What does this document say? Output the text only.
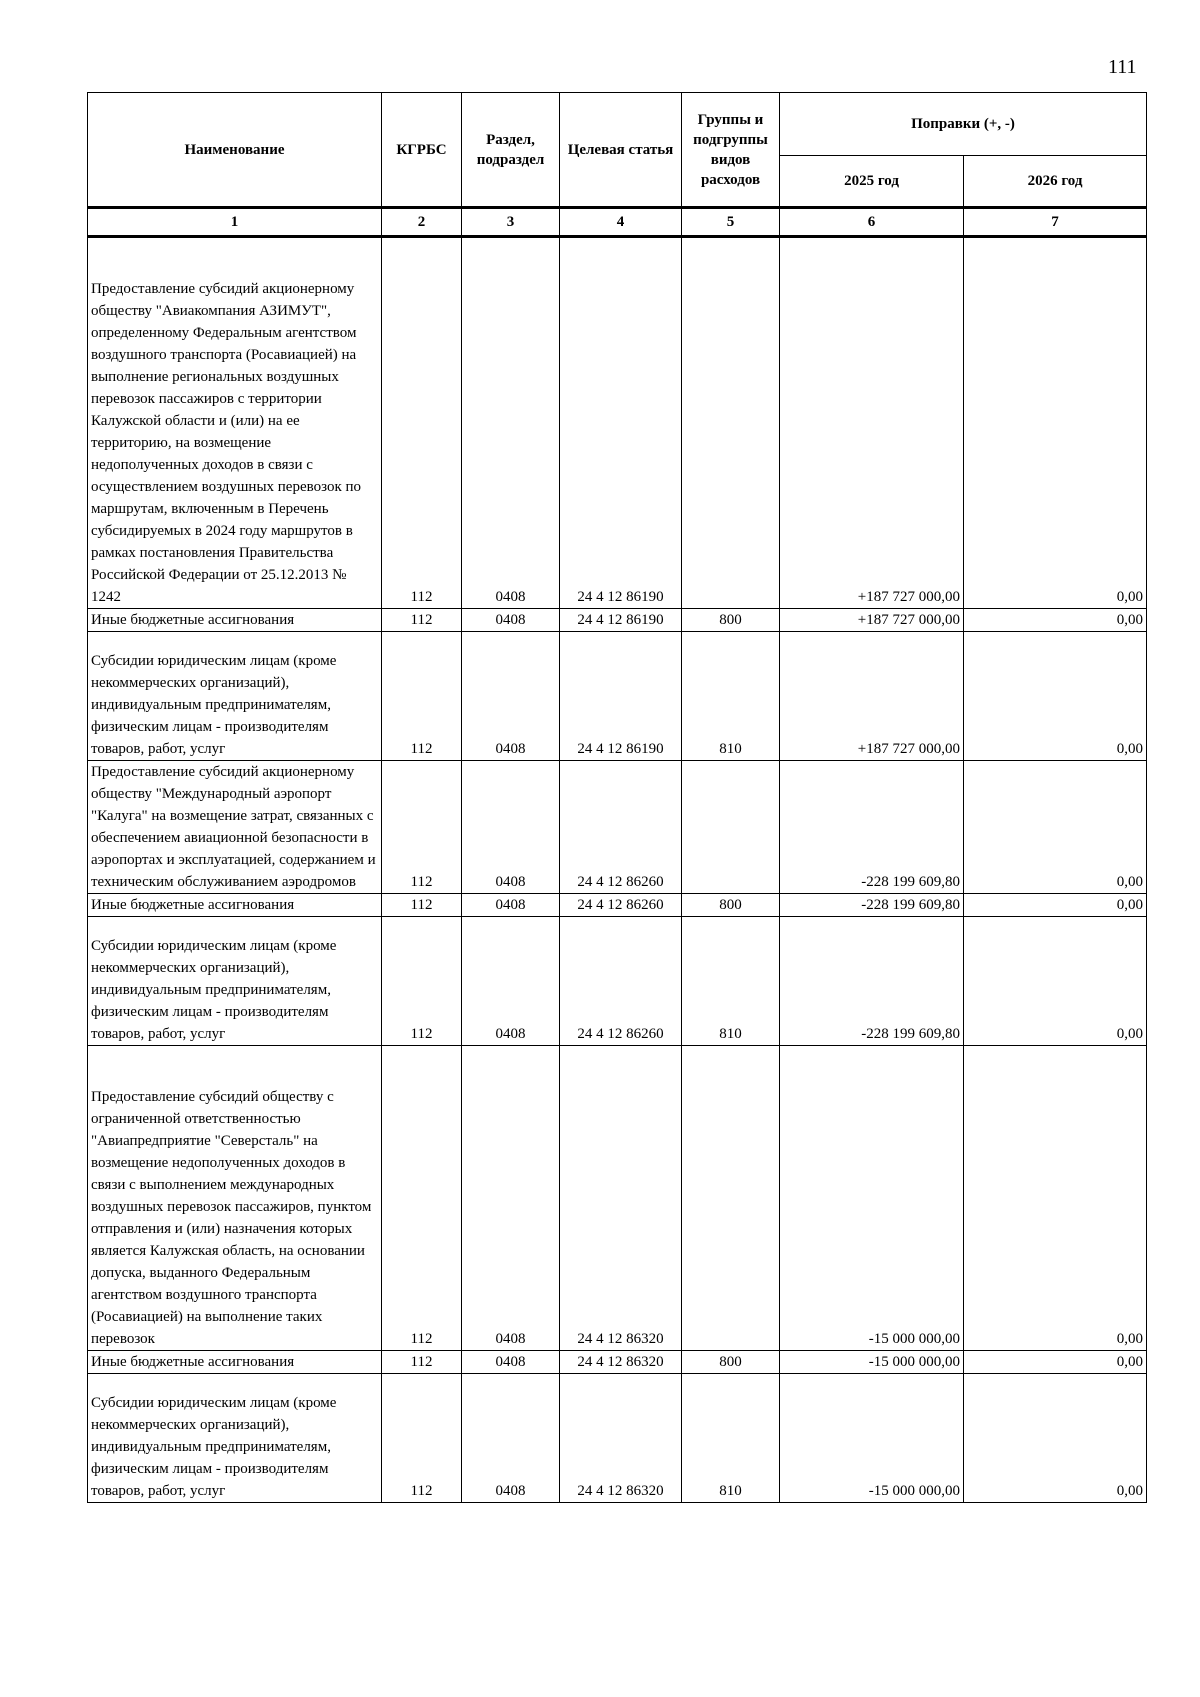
111
Наименование	КГРБС	Раздел, подраздел	Целевая статья	Группы и подгруппы видов расходов	Поправки (+, -)	
					2025 год	2026 год
1	2	3	4	5	6	7
Предоставление субсидий акционерному обществу "Авиакомпания АЗИМУТ", определенному Федеральным агентством воздушного транспорта (Росавиацией) на выполнение региональных воздушных перевозок пассажиров с территории Калужской области и (или) на ее территорию, на возмещение недополученных доходов в связи с осуществлением воздушных перевозок по маршрутам, включенным в Перечень субсидируемых в 2024 году маршрутов в рамках постановления Правительства Российской Федерации от 25.12.2013 № 1242	112	0408	24 4 12 86190		+187 727 000,00	0,00
Иные бюджетные ассигнования	112	0408	24 4 12 86190	800	+187 727 000,00	0,00
Субсидии юридическим лицам (кроме некоммерческих организаций), индивидуальным предпринимателям, физическим лицам - производителям товаров, работ, услуг	112	0408	24 4 12 86190	810	+187 727 000,00	0,00
Предоставление субсидий акционерному обществу "Международный аэропорт "Калуга" на возмещение затрат, связанных с обеспечением авиационной безопасности в аэропортах и эксплуатацией, содержанием и техническим обслуживанием аэродромов	112	0408	24 4 12 86260		-228 199 609,80	0,00
Иные бюджетные ассигнования	112	0408	24 4 12 86260	800	-228 199 609,80	0,00
Субсидии юридическим лицам (кроме некоммерческих организаций), индивидуальным предпринимателям, физическим лицам - производителям товаров, работ, услуг	112	0408	24 4 12 86260	810	-228 199 609,80	0,00
Предоставление субсидий обществу с ограниченной ответственностью "Авиапредприятие "Северсталь" на возмещение недополученных доходов в связи с выполнением международных воздушных перевозок пассажиров, пунктом отправления и (или) назначения которых является Калужская область, на основании допуска, выданного Федеральным агентством воздушного транспорта (Росавиацией) на выполнение таких перевозок	112	0408	24 4 12 86320		-15 000 000,00	0,00
Иные бюджетные ассигнования	112	0408	24 4 12 86320	800	-15 000 000,00	0,00
Субсидии юридическим лицам (кроме некоммерческих организаций), индивидуальным предпринимателям, физическим лицам - производителям товаров, работ, услуг	112	0408	24 4 12 86320	810	-15 000 000,00	0,00
